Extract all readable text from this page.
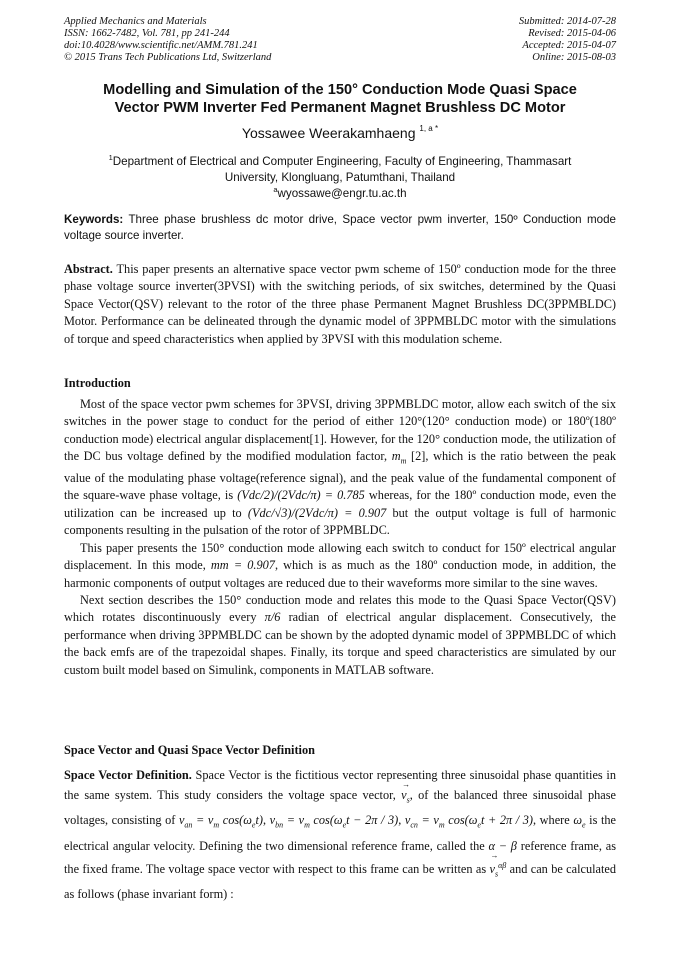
Applied Mechanics and Materials
ISSN: 1662-7482, Vol. 781, pp 241-244
doi:10.4028/www.scientific.net/AMM.781.241
© 2015 Trans Tech Publications Ltd, Switzerland
Submitted: 2014-07-28
Revised: 2015-04-06
Accepted: 2015-04-07
Online: 2015-08-03
Modelling and Simulation of the 150° Conduction Mode Quasi Space
Vector PWM Inverter Fed Permanent Magnet Brushless DC Motor
Yossawee Weerakamhaeng $^{1, a *}$
$^1$Department of Electrical and Computer Engineering, Faculty of Engineering, Thammasart
University, Klongluang, Patumthani, Thailand
$^a$wyossawe@engr.tu.ac.th
Keywords: Three phase brushless dc motor drive, Space vector pwm inverter, 150º Conduction mode voltage source inverter.
Abstract. This paper presents an alternative space vector pwm scheme of 150º conduction mode for the three phase voltage source inverter(3PVSI) with the switching periods, of six switches, determined by the Quasi Space Vector(QSV) relevant to the rotor of the three phase Permanent Magnet Brushless DC(3PPMBLDC) Motor. Performance can be delineated through the dynamic model of 3PPMBLDC motor with the simulations of torque and speed characteristics when applied by 3PVSI with this modulation scheme.
Introduction

Most of the space vector pwm schemes for 3PVSI, driving 3PPMBLDC motor, allow each switch of the six switches in the power stage to conduct for the period of either 120°(120° conduction mode) or 180º(180º conduction mode) electrical angular displacement[1]. However, for the 120° conduction mode, the utilization of the DC bus voltage defined by the modified modulation factor, $m_m$ [2], which is the ratio between the peak value of the modulating phase voltage(reference signal), and the peak value of the fundamental component of the square-wave phase voltage, is (Vdc/2)/(2Vdc/π) = 0.785 whereas, for the 180º conduction mode, even the utilization can be increased up to (Vdc/√3)/(2Vdc/π) = 0.907 but the output voltage is full of harmonic components resulting in the pulsation of the rotor of 3PPMBLDC.

This paper presents the 150° conduction mode allowing each switch to conduct for 150º electrical angular displacement. In this mode, mm = 0.907, which is as much as the 180º conduction mode, in addition, the harmonic components of output voltages are reduced due to their waveforms more similar to the sine waves.

Next section describes the 150° conduction mode and relates this mode to the Quasi Space Vector(QSV) which rotates discontinuously every π/6 radian of electrical angular displacement. Consecutively, the performance when driving 3PPMBLDC can be shown by the adopted dynamic model of 3PPMBLDC of which the back emfs are of the trapezoidal shapes. Finally, its torque and speed characteristics are simulated by our custom built model based on Simulink, components in MATLAB software.

Space Vector and Quasi Space Vector Definition
Space Vector Definition. Space Vector is the fictitious vector representing three sinusoidal phase quantities in the same system. This study considers the voltage space vector, → $v_s$, of the balanced three sinusoidal phase voltages, consisting of $v_{an} = v_m$ $\cos(\omega_et)$, $v_{bn} = v_m$ $\cos(\omega_et - 2\pi / 3)$, $v_{cn} = v_m$ $\cos(\omega_et + 2\pi / 3)$, where $\omega_e$ is the electrical angular velocity. Defining the two dimensional reference frame, called the α − β reference frame, as the fixed frame. The voltage space vector with respect to this frame can be written as → $v_s^{\alpha\beta}$ and can be calculated as follows (phase invariant form) :
